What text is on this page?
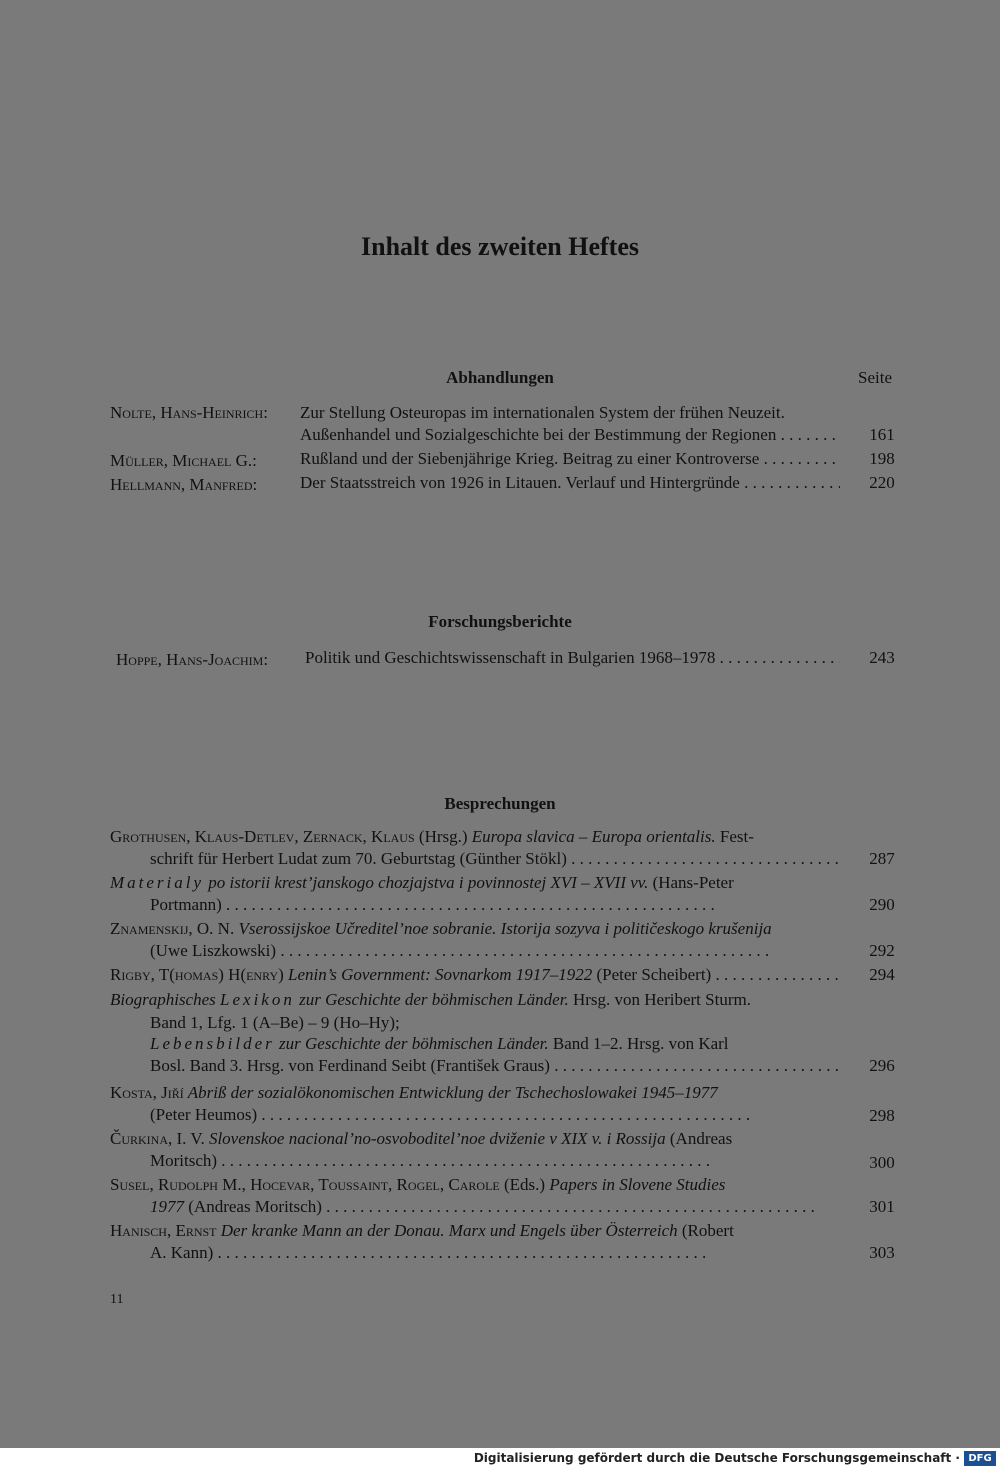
Inhalt des zweiten Heftes
Abhandlungen	Seite
Nolte, Hans-Heinrich: Zur Stellung Osteuropas im internationalen System der frühen Neuzeit.
Außenhandel und Sozialgeschichte bei der Bestimmung der Regionen . . .	161
Müller, Michael G.:	Rußland und der Siebenjährige Krieg. Beitrag zu einer Kontroverse . . .	198
Hellmann, Manfred:	Der Staatsstreich von 1926 in Litauen. Verlauf und Hintergründe . . .	220
Forschungsberichte
Hoppe, Hans-Joachim: Politik und Geschichtswissenschaft in Bulgarien 1968–1978 . . .	243
Besprechungen
Grothusen, Klaus-Detlev, Zernack, Klaus (Hrsg.) Europa slavica – Europa orientalis. Fest-
schrift für Herbert Ludat zum 70. Geburtstag (Günther Stökl) . . .	287
Materialy po istorii krest’janskogo chozjajstva i povinnostej XVI – XVII vv. (Hans-Peter
Portmann) . . .	290
Znamenskij, O. N. Vserossijskoe Učreditel’noe sobranie. Istorija sozyva i političeskogo krušenija
(Uwe Liszkowski) . . .	292
Rigby, T(homas) H(enry) Lenin’s Government: Sovnarkom 1917–1922 (Peter Scheibert) . . .	294
Biographisches Lexikon zur Geschichte der böhmischen Länder. Hrsg. von Heribert Sturm.
Band 1, Lfg. 1 (A–Be) – 9 (Ho–Hy);
Lebensbilder zur Geschichte der böhmischen Länder. Band 1–2. Hrsg. von Karl
Bosl. Band 3. Hrsg. von Ferdinand Seibt (František Graus) . . .	296
Kosta, Jiří Abriß der sozialökonomischen Entwicklung der Tschechoslowakei 1945–1977
(Peter Heumos) . . .	298
Čurkina, I. V. Slovenskoe nacional’no-osvoboditel’noe dviženie v XIX v. i Rossija (Andreas
Moritsch) . . .	300
Susel, Rudolph M., Hocevar, Toussaint, Rogel, Carole (Eds.) Papers in Slovene Studies
1977 (Andreas Moritsch) . . .	301
Hanisch, Ernst Der kranke Mann an der Donau. Marx und Engels über Österreich (Robert
A. Kann) . . .	303
11
Digitalisierung gefördert durch die Deutsche Forschungsgemeinschaft · DFG
